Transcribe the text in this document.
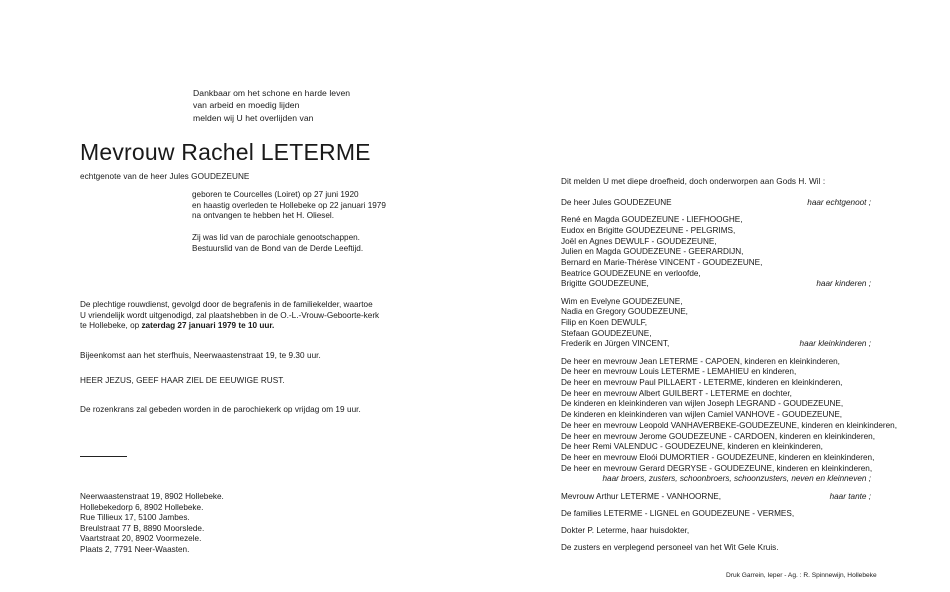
Dankbaar om het schone en harde leven
van arbeid en moedig lijden
melden wij U het overlijden van
Mevrouw Rachel LETERME
echtgenote van de heer Jules GOUDEZEUNE
geboren te Courcelles (Loiret) op 27 juni 1920
en haastig overleden te Hollebeke op 22 januari 1979
na ontvangen te hebben het H. Oliesel.
Zij was lid van de parochiale genootschappen.
Bestuurslid van de Bond van de Derde Leeftijd.
De plechtige rouwdienst, gevolgd door de begrafenis in de familiekelder, waartoe
U vriendelijk wordt uitgenodigd, zal plaatshebben in de O.-L.-Vrouw-Geboorte-kerk
te Hollebeke, op zaterdag 27 januari 1979 te 10 uur.
Bijeenkomst aan het sterfhuis, Neerwaastenstraat 19, te 9.30 uur.
HEER JEZUS, GEEF HAAR ZIEL DE EEUWIGE RUST.
De rozenkrans zal gebeden worden in de parochiekerk op vrijdag om 19 uur.
Neerwaastenstraat 19, 8902 Hollebeke.
Hollebekedorp 6, 8902 Hollebeke.
Rue Tillieux 17, 5100 Jambes.
Breulstraat 77 B, 8890 Moorslede.
Vaartstraat 20, 8902 Voormezele.
Plaats 2, 7791 Neer-Waasten.
Dit melden U met diepe droefheid, doch onderworpen aan Gods H. Wil :
De heer Jules GOUDEZEUNE	haar echtgenoot ;
René en Magda GOUDEZEUNE - LIEFHOOGHE,
Eudox en Brigitte GOUDEZEUNE - PELGRIMS,
Joël en Agnes DEWULF - GOUDEZEUNE,
Julien en Magda GOUDEZEUNE - GEERARDIJN,
Bernard en Marie-Thérèse VINCENT - GOUDEZEUNE,
Beatrice GOUDEZEUNE en verloofde,
Brigitte GOUDEZEUNE,	haar kinderen ;
Wim en Evelyne GOUDEZEUNE,
Nadia en Gregory GOUDEZEUNE,
Filip en Koen DEWULF,
Stefaan GOUDEZEUNE,
Frederik en Jürgen VINCENT,	haar kleinkinderen ;
De heer en mevrouw Jean LETERME - CAPOEN, kinderen en kleinkinderen,
De heer en mevrouw Louis LETERME - LEMAHIEU en kinderen,
De heer en mevrouw Paul PILLAERT - LETERME, kinderen en kleinkinderen,
De heer en mevrouw Albert GUILBERT - LETERME en dochter,
De kinderen en kleinkinderen van wijlen Joseph LEGRAND - GOUDEZEUNE,
De kinderen en kleinkinderen van wijlen Camiel VANHOVE - GOUDEZEUNE,
De heer en mevrouw Leopold VANHAVERBEKE-GOUDEZEUNE, kinderen en kleinkinderen,
De heer en mevrouw Jerome GOUDEZEUNE - CARDOEN, kinderen en kleinkinderen,
De heer Remi VALENDUC - GOUDEZEUNE, kinderen en kleinkinderen,
De heer en mevrouw Eloói DUMORTIER - GOUDEZEUNE, kinderen en kleinkinderen,
De heer en mevrouw Gerard DEGRYSE - GOUDEZEUNE, kinderen en kleinkinderen,
haar broers, zusters, schoonbroers, schoonzusters, neven en kleinneven ;

Mevrouw Arthur LETERME - VANHOORNE,	haar tante ;
De families LETERME - LIGNEL en GOUDEZEUNE - VERMES,
Dokter P. Leterme, haar huisdokter,
De zusters en verplegend personeel van het Wit Gele Kruis.
Druk Garrein, Ieper - Ag. : R. Spinnewijn, Hollebeke
